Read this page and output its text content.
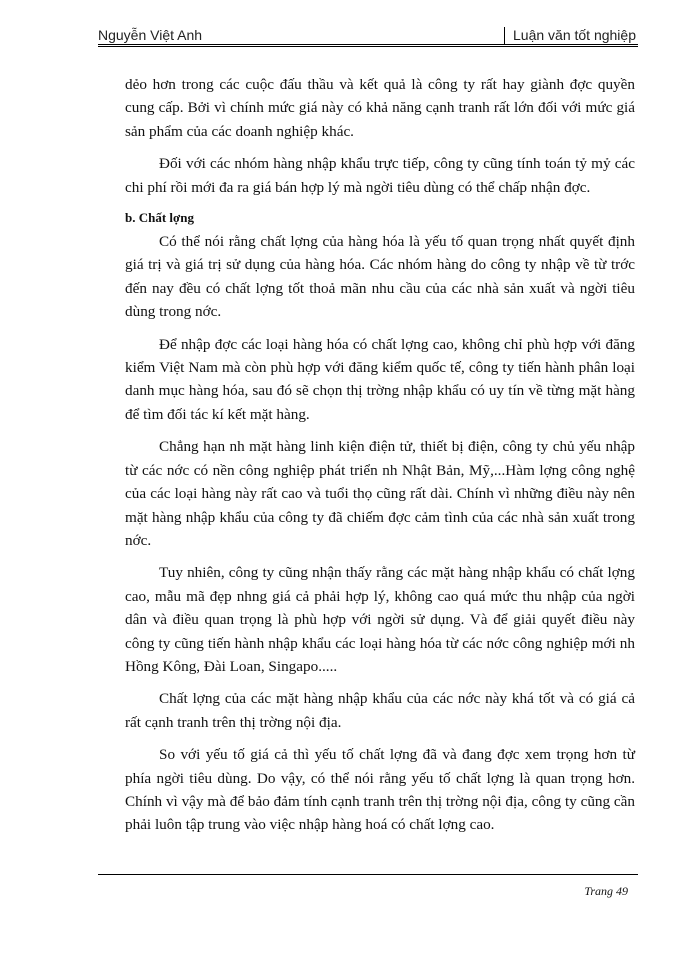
Nguyễn Việt Anh	Luận văn tốt nghiệp

dẻo hơn trong các cuộc đấu thầu và kết quả là công ty rất hay giành đợc quyền cung cấp. Bởi vì chính mức giá này có khả năng cạnh tranh rất lớn đối với mức giá sản phẩm của các doanh nghiệp khác.

Đối với các nhóm hàng nhập khẩu trực tiếp, công ty cũng tính toán tỷ mỷ các chi phí rồi mới đa ra giá bán hợp lý mà ngời tiêu dùng có thể chấp nhận đợc.

b. Chất lợng

Có thể nói rằng chất lợng của hàng hóa là yếu tố quan trọng nhất quyết định giá trị và giá trị sử dụng của hàng hóa. Các nhóm hàng do công ty nhập về từ trớc đến nay đều có chất lợng tốt thoả mãn nhu cầu của các nhà sản xuất và ngời tiêu dùng trong nớc.

Để nhập đợc các loại hàng hóa có chất lợng cao, không chỉ phù hợp với đăng kiểm Việt Nam mà còn phù hợp với đăng kiểm quốc tế, công ty tiến hành phân loại danh mục hàng hóa, sau đó sẽ chọn thị trờng nhập khẩu có uy tín về từng mặt hàng để tìm đối tác kí kết mặt hàng.

Chẳng hạn nh mặt hàng linh kiện điện tử, thiết bị điện, công ty chủ yếu nhập từ các nớc có nền công nghiệp phát triển nh Nhật Bản, Mỹ,...Hàm lợng công nghệ của các loại hàng này rất cao và tuổi thọ cũng rất dài. Chính vì những điều này nên mặt hàng nhập khẩu của công ty đã chiếm đợc cảm tình của các nhà sản xuất trong nớc.

Tuy nhiên, công ty cũng nhận thấy rằng các mặt hàng nhập khẩu có chất lợng cao, mẫu mã đẹp nhng giá cả phải hợp lý, không cao quá mức thu nhập của ngời dân và điều quan trọng là phù hợp với ngời sử dụng. Và để giải quyết điều này công ty cũng tiến hành nhập khẩu các loại hàng hóa từ các nớc công nghiệp mới nh Hồng Kông, Đài Loan, Singapo.....

Chất lợng của các mặt hàng nhập khẩu của các nớc này khá tốt và có giá cả rất cạnh tranh trên thị trờng nội địa.

So với yếu tố giá cả thì yếu tố chất lợng đã và đang đợc xem trọng hơn từ phía ngời tiêu dùng. Do vậy, có thể nói rằng yếu tố chất lợng là quan trọng hơn. Chính vì vậy mà để bảo đảm tính cạnh tranh trên thị trờng nội địa, công ty cũng cần phải luôn tập trung vào việc nhập hàng hoá có chất lợng cao.

Trang 49
